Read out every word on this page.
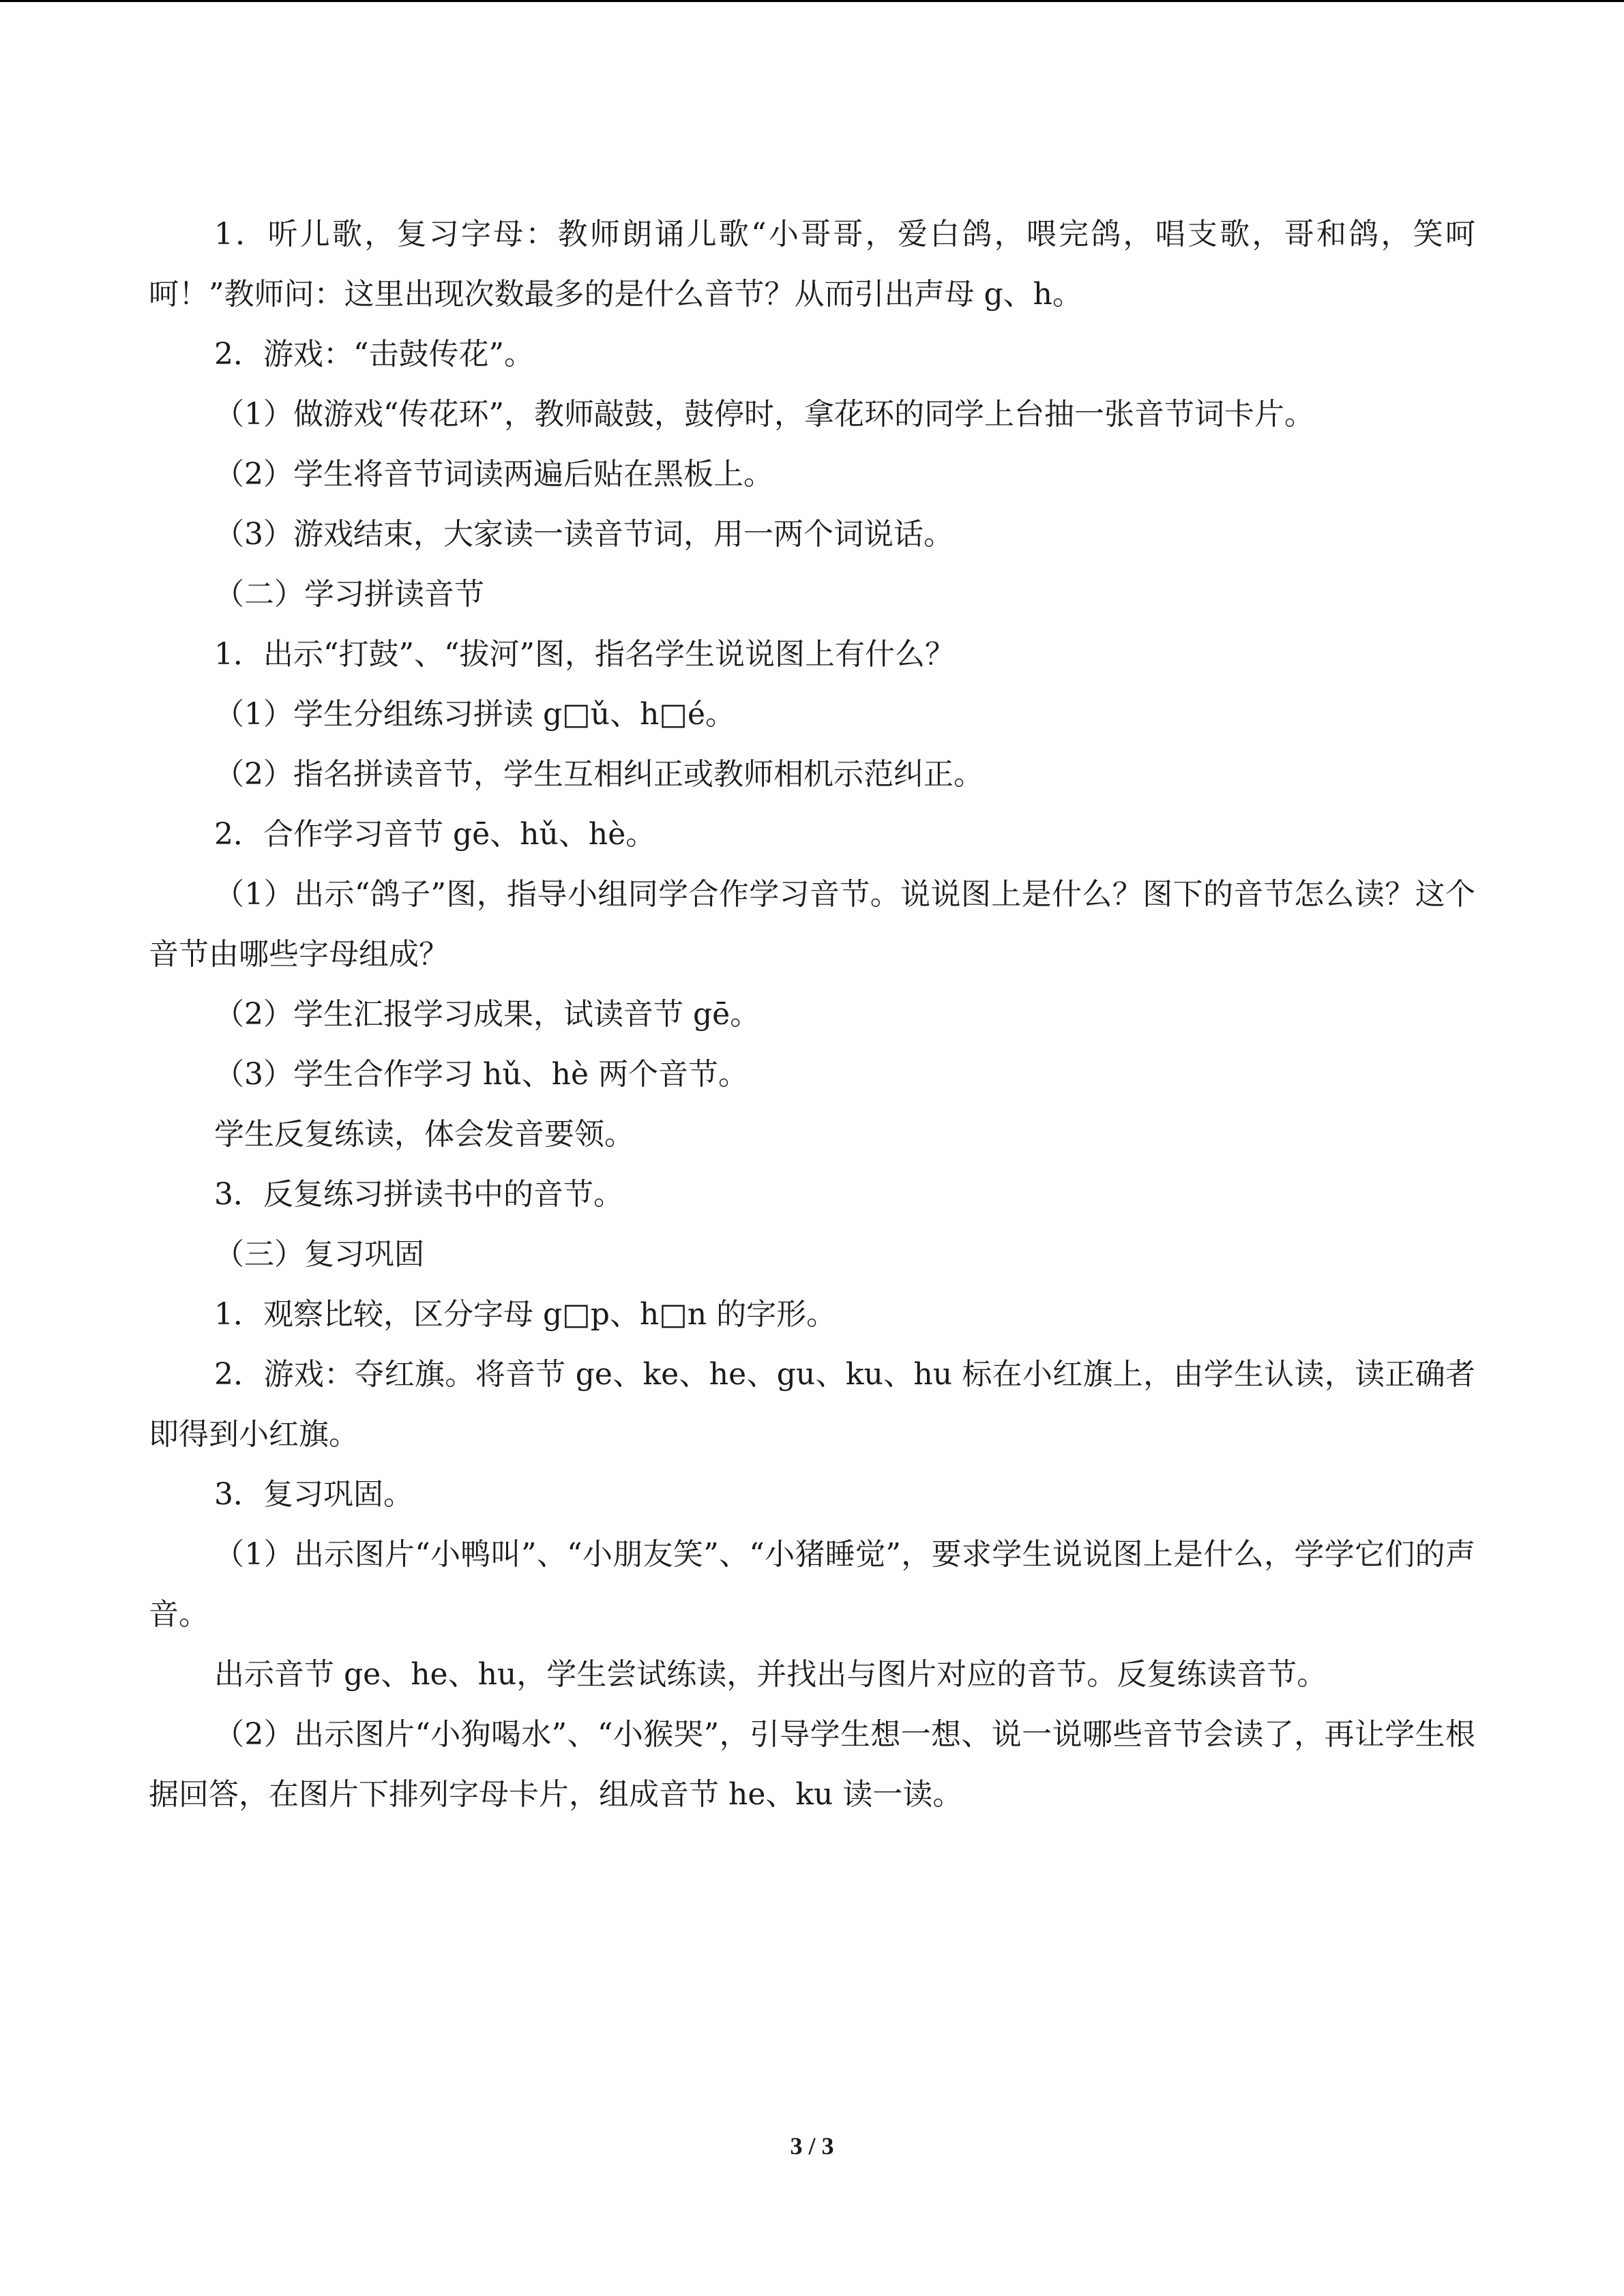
1．听儿歌，复习字母：教师朗诵儿歌“小哥哥，爱白鸽，喂完鸽，唱支歌，哥和鸽，笑呵呵！”教师问：这里出现次数最多的是什么音节？从而引出声母 g、h。

2．游戏：“击鼓传花”。

（1）做游戏“传花环”，教师敲鼓，鼓停时，拿花环的同学上台抽一张音节词卡片。

（2）学生将音节词读两遍后贴在黑板上。

（3）游戏结束，大家读一读音节词，用一两个词说话。

（二）学习拼读音节

1．出示“打鼓”、“拔河”图，指名学生说说图上有什么？

（1）学生分组练习拼读 g□ǔ、h□é。

（2）指名拼读音节，学生互相纠正或教师相机示范纠正。

2．合作学习音节 gē、hǔ、hè。

（1）出示“鸽子”图，指导小组同学合作学习音节。说说图上是什么？图下的音节怎么读？这个音节由哪些字母组成？

（2）学生汇报学习成果，试读音节 gē。

（3）学生合作学习 hǔ、hè 两个音节。

学生反复练读，体会发音要领。

3．反复练习拼读书中的音节。

（三）复习巩固

1．观察比较，区分字母 g□p、h□n 的字形。

2．游戏：夺红旗。将音节 ge、ke、he、gu、ku、hu 标在小红旗上，由学生认读，读正确者即得到小红旗。

3．复习巩固。

（1）出示图片“小鸭叫”、“小朋友笑”、“小猪睡觉”，要求学生说说图上是什么，学学它们的声音。

出示音节 ge、he、hu，学生尝试练读，并找出与图片对应的音节。反复练读音节。

（2）出示图片“小狗喝水”、“小猴哭”，引导学生想一想、说一说哪些音节会读了，再让学生根据回答，在图片下排列字母卡片，组成音节 he、ku 读一读。

3 / 3
